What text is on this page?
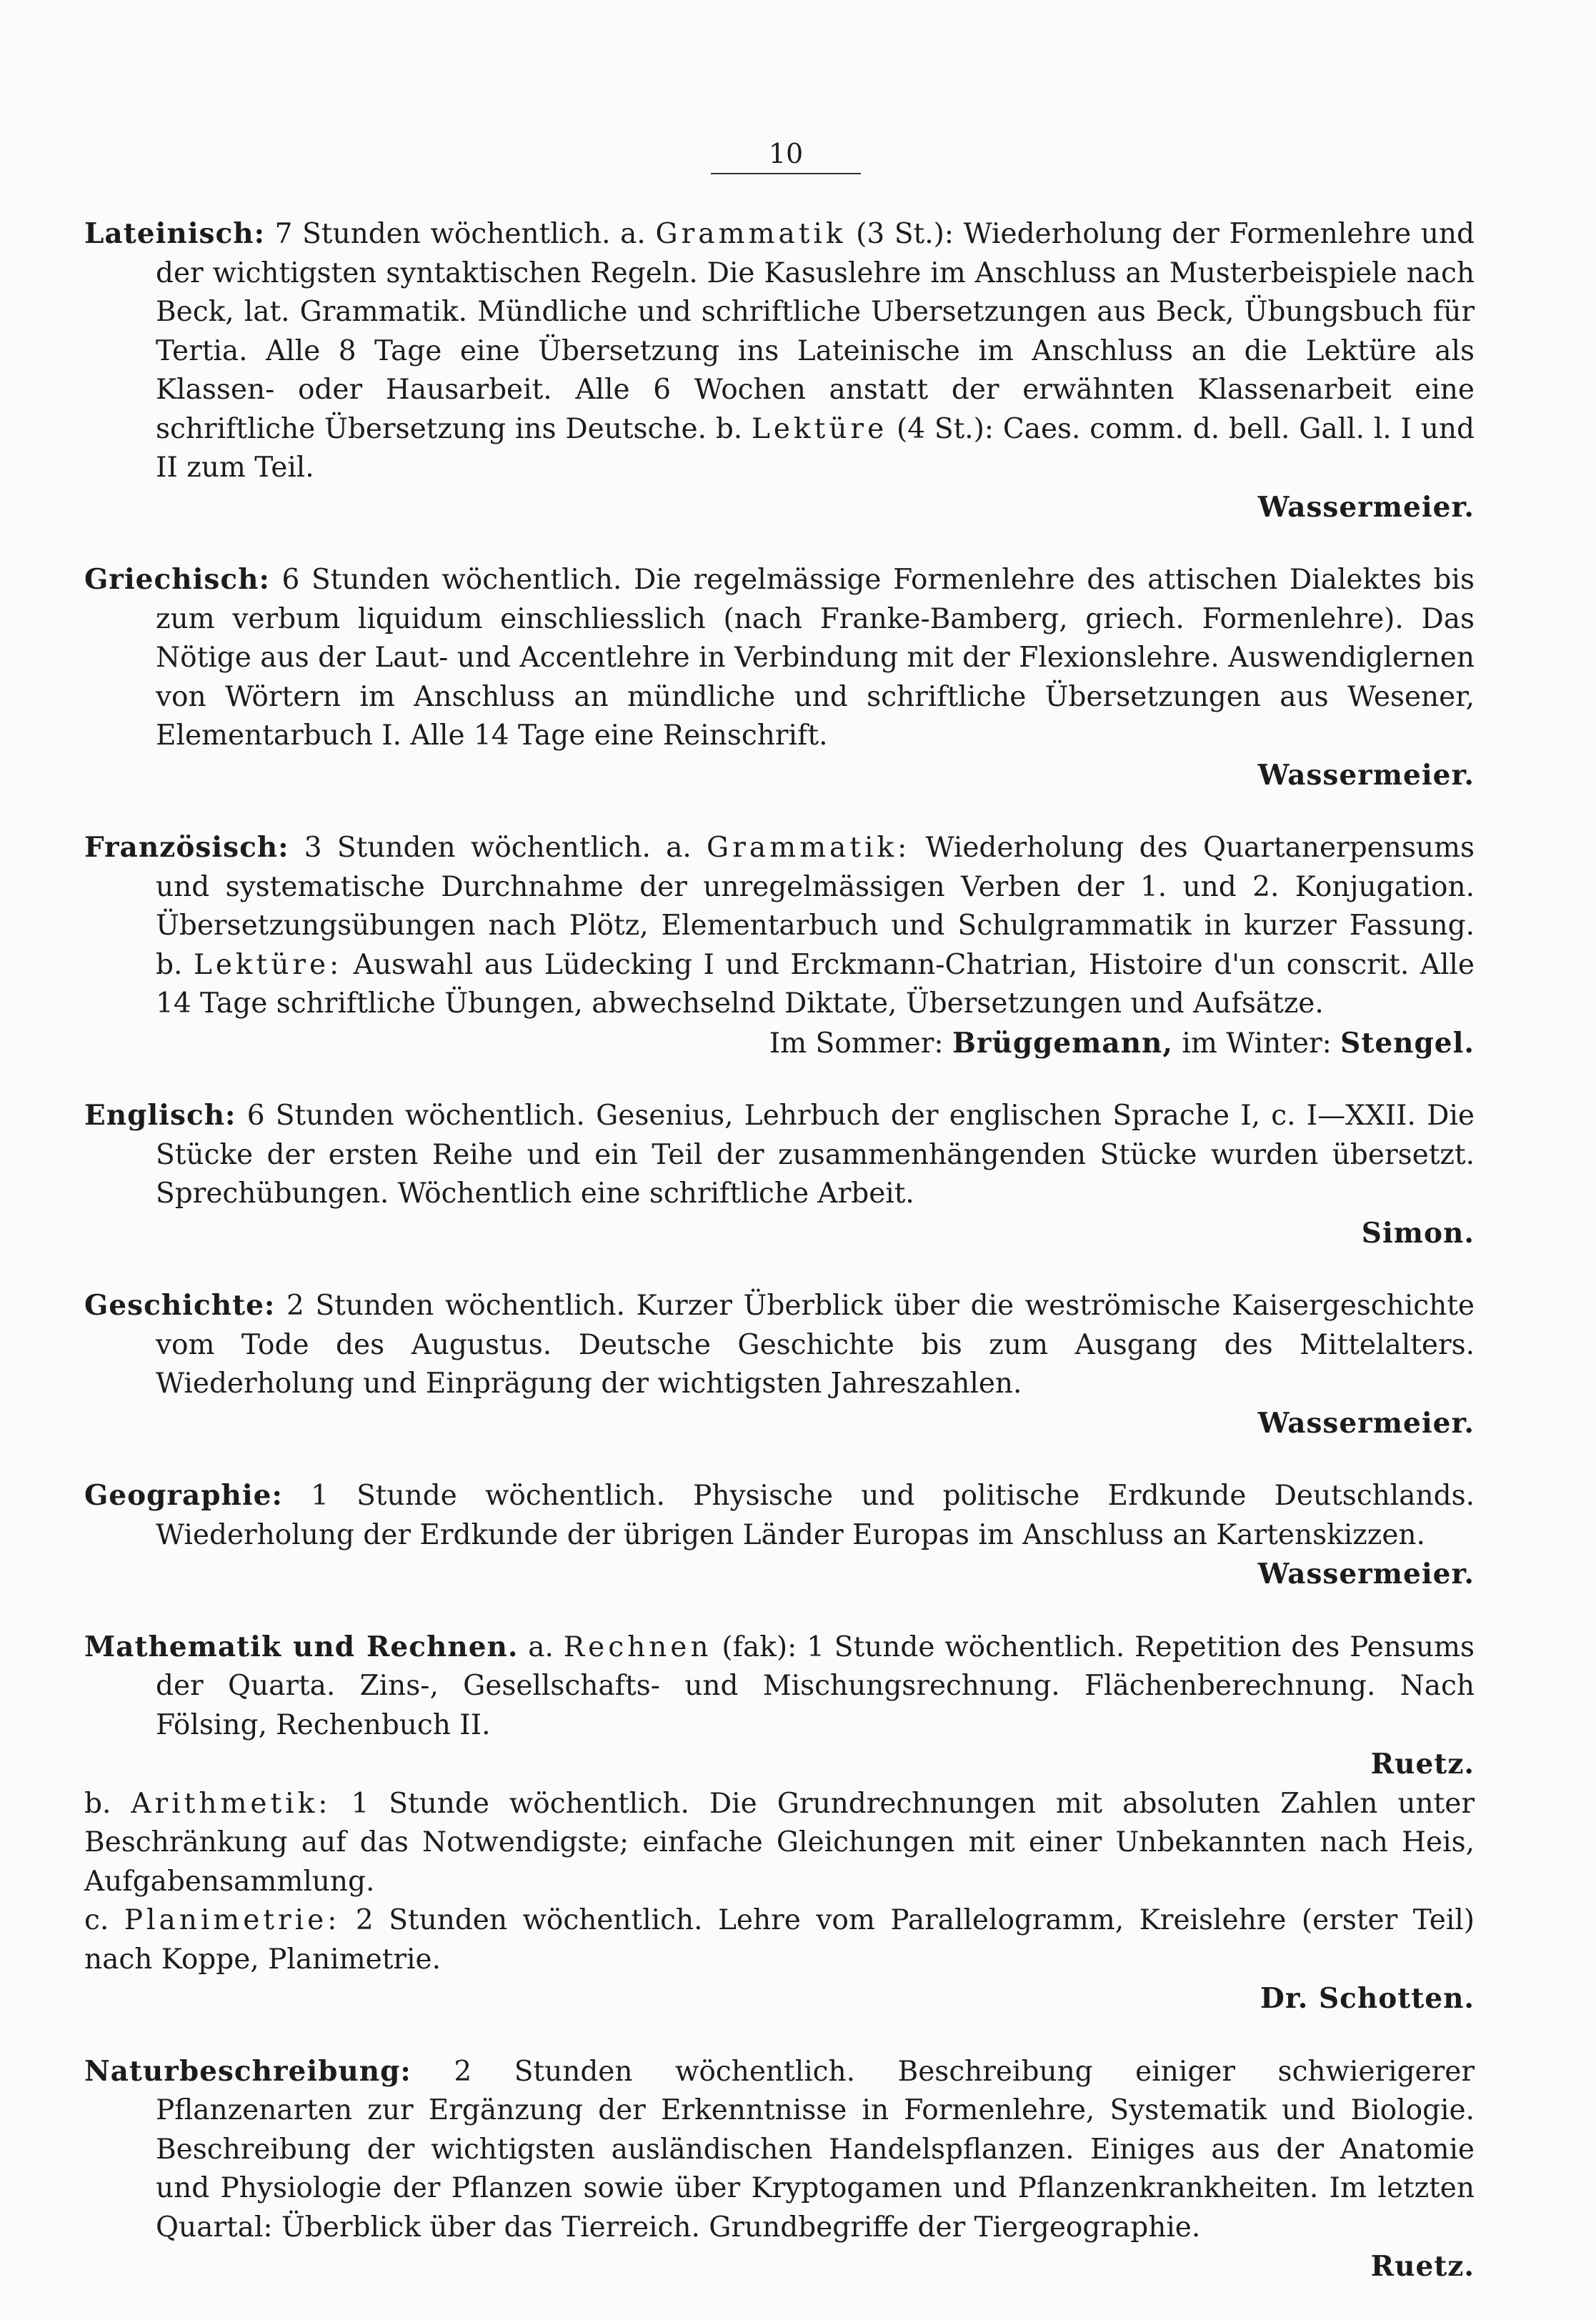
10

Lateinisch: 7 Stunden wöchentlich. a. Grammatik (3 St.): Wiederholung der Formenlehre und der wichtigsten syntaktischen Regeln. Die Kasuslehre im Anschluss an Musterbeispiele nach Beck, lat. Grammatik. Mündliche und schriftliche Ubersetzungen aus Beck, Übungsbuch für Tertia. Alle 8 Tage eine Übersetzung ins Lateinische im Anschluss an die Lektüre als Klassen- oder Hausarbeit. Alle 6 Wochen anstatt der erwähnten Klassenarbeit eine schriftliche Übersetzung ins Deutsche. b. Lektüre (4 St.): Caes. comm. d. bell. Gall. l. I und II zum Teil.

Wassermeier.

Griechisch: 6 Stunden wöchentlich. Die regelmässige Formenlehre des attischen Dialektes bis zum verbum liquidum einschliesslich (nach Franke-Bamberg, griech. Formenlehre). Das Nötige aus der Laut- und Accentlehre in Verbindung mit der Flexionslehre. Auswendiglernen von Wörtern im Anschluss an mündliche und schriftliche Übersetzungen aus Wesener, Elementarbuch I. Alle 14 Tage eine Reinschrift.

Wassermeier.

Französisch: 3 Stunden wöchentlich. a. Grammatik: Wiederholung des Quartanerpensums und systematische Durchnahme der unregelmässigen Verben der 1. und 2. Konjugation. Übersetzungsübungen nach Plötz, Elementarbuch und Schulgrammatik in kurzer Fassung. b. Lektüre: Auswahl aus Lüdecking I und Erckmann-Chatrian, Histoire d'un conscrit. Alle 14 Tage schriftliche Übungen, abwechselnd Diktate, Übersetzungen und Aufsätze.

Im Sommer: Brüggemann, im Winter: Stengel.

Englisch: 6 Stunden wöchentlich. Gesenius, Lehrbuch der englischen Sprache I, c. I—XXII. Die Stücke der ersten Reihe und ein Teil der zusammenhängenden Stücke wurden übersetzt. Sprechübungen. Wöchentlich eine schriftliche Arbeit.

Simon.

Geschichte: 2 Stunden wöchentlich. Kurzer Überblick über die weströmische Kaisergeschichte vom Tode des Augustus. Deutsche Geschichte bis zum Ausgang des Mittelalters. Wiederholung und Einprägung der wichtigsten Jahreszahlen.

Wassermeier.

Geographie: 1 Stunde wöchentlich. Physische und politische Erdkunde Deutschlands. Wiederholung der Erdkunde der übrigen Länder Europas im Anschluss an Kartenskizzen.

Wassermeier.

Mathematik und Rechnen. a. Rechnen (fak): 1 Stunde wöchentlich. Repetition des Pensums der Quarta. Zins-, Gesellschafts- und Mischungsrechnung. Flächenberechnung. Nach Fölsing, Rechenbuch II.

Ruetz.

b. Arithmetik: 1 Stunde wöchentlich. Die Grundrechnungen mit absoluten Zahlen unter Beschränkung auf das Notwendigste; einfache Gleichungen mit einer Unbekannten nach Heis, Aufgabensammlung.

c. Planimetrie: 2 Stunden wöchentlich. Lehre vom Parallelogramm, Kreislehre (erster Teil) nach Koppe, Planimetrie.

Dr. Schotten.

Naturbeschreibung: 2 Stunden wöchentlich. Beschreibung einiger schwierigerer Pflanzenarten zur Ergänzung der Erkenntnisse in Formenlehre, Systematik und Biologie. Beschreibung der wichtigsten ausländischen Handelspflanzen. Einiges aus der Anatomie und Physiologie der Pflanzen sowie über Kryptogamen und Pflanzenkrankheiten. Im letzten Quartal: Überblick über das Tierreich. Grundbegriffe der Tiergeographie.

Ruetz.
